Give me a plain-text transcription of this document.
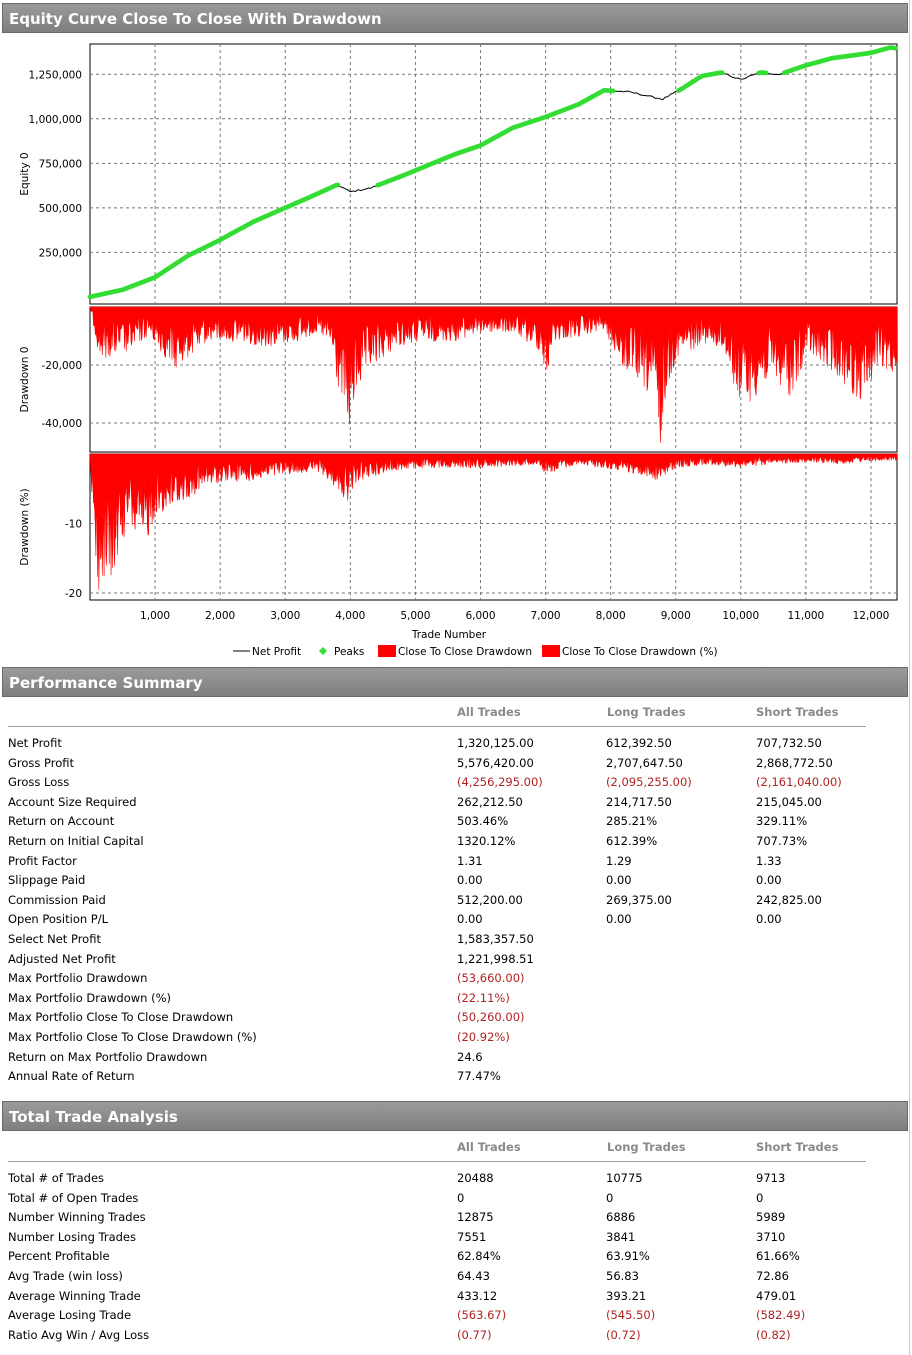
Equity Curve Close To Close With Drawdown
250,000
500,000
750,000
1,000,000
1,250,000
Equity 0
-20,000
-40,000
Drawdown 0
-10
-20
Drawdown (%)
1,000	2,000	3,000	4,000	5,000	6,000	7,000	8,000	9,000	10,000	11,000	12,000
Trade Number
Net Profit	Peaks	Close To Close Drawdown	Close To Close Drawdown (%)
Performance Summary
All Trades	Long Trades	Short Trades
Net Profit	1,320,125.00	612,392.50	707,732.50
Gross Profit	5,576,420.00	2,707,647.50	2,868,772.50
Gross Loss	(4,256,295.00)	(2,095,255.00)	(2,161,040.00)
Account Size Required	262,212.50	214,717.50	215,045.00
Return on Account	503.46%	285.21%	329.11%
Return on Initial Capital	1320.12%	612.39%	707.73%
Profit Factor	1.31	1.29	1.33
Slippage Paid	0.00	0.00	0.00
Commission Paid	512,200.00	269,375.00	242,825.00
Open Position P/L	0.00	0.00	0.00
Select Net Profit	1,583,357.50
Adjusted Net Profit	1,221,998.51
Max Portfolio Drawdown	(53,660.00)
Max Portfolio Drawdown (%)	(22.11%)
Max Portfolio Close To Close Drawdown	(50,260.00)
Max Portfolio Close To Close Drawdown (%)	(20.92%)
Return on Max Portfolio Drawdown	24.6
Annual Rate of Return	77.47%
Total Trade Analysis
All Trades	Long Trades	Short Trades
Total # of Trades	20488	10775	9713
Total # of Open Trades	0	0	0
Number Winning Trades	12875	6886	5989
Number Losing Trades	7551	3841	3710
Percent Profitable	62.84%	63.91%	61.66%
Avg Trade (win loss)	64.43	56.83	72.86
Average Winning Trade	433.12	393.21	479.01
Average Losing Trade	(563.67)	(545.50)	(582.49)
Ratio Avg Win / Avg Loss	(0.77)	(0.72)	(0.82)
